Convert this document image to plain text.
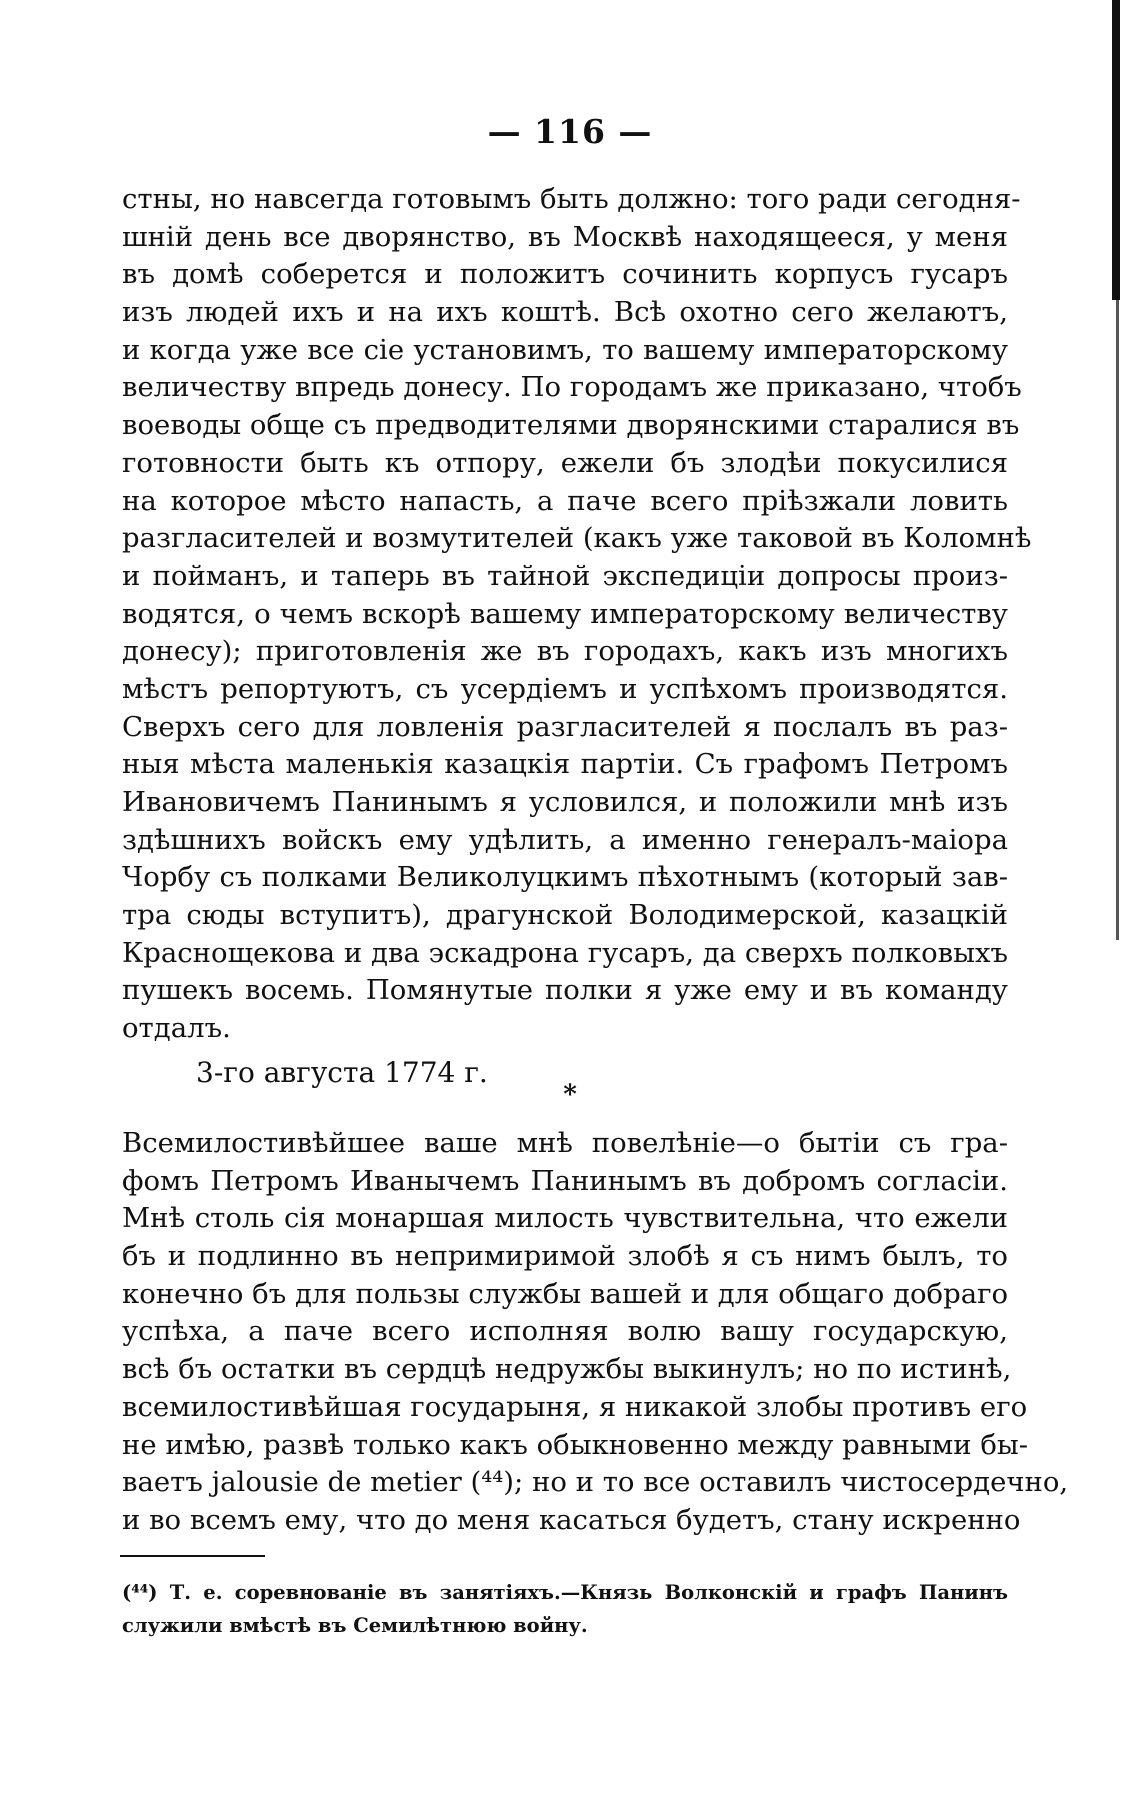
— 116 —
стны, но навсегда готовымъ быть должно: того ради сегодня-
шній день все дворянство, въ Москвѣ находящееся, у меня
въ домѣ соберется и положитъ сочинить корпусъ гусаръ
изъ людей ихъ и на ихъ коштѣ. Всѣ охотно сего желаютъ,
и когда уже все сіе установимъ, то вашему императорскому
величеству впредь донесу. По городамъ же приказано, чтобъ
воеводы обще съ предводителями дворянскими старалися въ
готовности быть къ отпору, ежели бъ злодѣи покусилися
на которое мѣсто напасть, а паче всего пріѣзжали ловить
разгласителей и возмутителей (какъ уже таковой въ Коломнѣ
и пойманъ, и таперь въ тайной экспедиціи допросы произ-
водятся, о чемъ вскорѣ вашему императорскому величеству
донесу); приготовленія же въ городахъ, какъ изъ многихъ
мѣстъ репортуютъ, съ усердіемъ и успѣхомъ производятся.
Сверхъ сего для ловленія разгласителей я послалъ въ раз-
ныя мѣста маленькія казацкія партіи. Съ графомъ Петромъ
Ивановичемъ Панинымъ я условился, и положили мнѣ изъ
здѣшнихъ войскъ ему удѣлить, а именно генералъ-маіора
Чорбу съ полками Великолуцкимъ пѣхотнымъ (который зав-
тра сюды вступитъ), драгунской Володимерской, казацкій
Краснощекова и два эскадрона гусаръ, да сверхъ полковыхъ
пушекъ восемь. Помянутые полки я уже ему и въ команду
отдалъ.
3-го августа 1774 г.
*
Всемилостивѣйшее ваше мнѣ повелѣніе—о бытіи съ гра-
фомъ Петромъ Иванычемъ Панинымъ въ добромъ согласіи.
Мнѣ столь сія монаршая милость чувствительна, что ежели
бъ и подлинно въ непримиримой злобѣ я съ нимъ былъ, то
конечно бъ для пользы службы вашей и для общаго добраго
успѣха, а паче всего исполняя волю вашу государскую,
всѣ бъ остатки въ сердцѣ недружбы выкинулъ; но по истинѣ,
всемилостивѣйшая государыня, я никакой злобы противъ его
не имѣю, развѣ только какъ обыкновенно между равными бы-
ваетъ jalousie de metier (⁴⁴); но и то все оставилъ чистосердечно,
и во всемъ ему, что до меня касаться будетъ, стану искренно
(⁴⁴) Т. е. соревнованіе въ занятіяхъ.—Князь Волконскій и графъ Панинъ
служили вмѣстѣ въ Семилѣтнюю войну.
